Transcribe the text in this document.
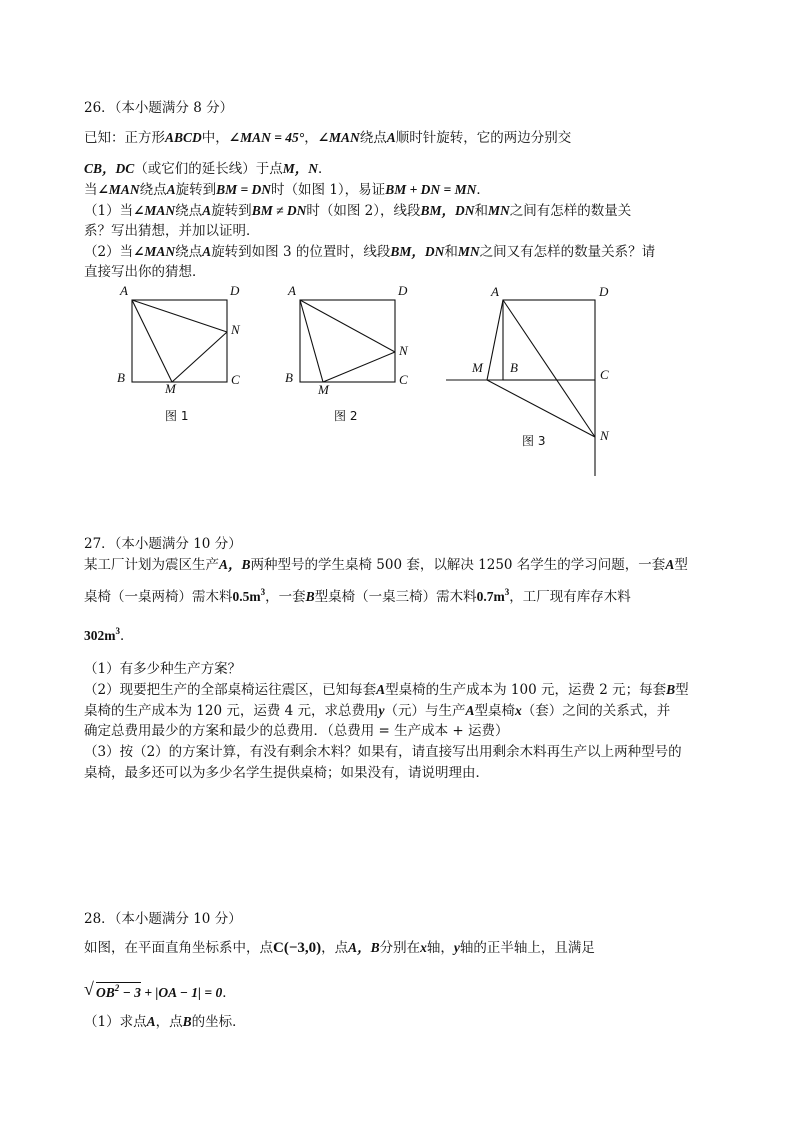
26．（本小题满分 8 分）
已知：正方形ABCD中，∠MAN = 45°，∠MAN绕点A顺时针旋转，它的两边分别交
CB，DC（或它们的延长线）于点M，N．
当∠MAN绕点A旋转到BM = DN时（如图 1），易证BM + DN = MN．
（1）当∠MAN绕点A旋转到BM ≠ DN时（如图 2），线段BM，DN和MN之间有怎样的数量关
系？写出猜想，并加以证明．
（2）当∠MAN绕点A旋转到如图 3 的位置时，线段BM，DN和MN之间又有怎样的数量关系？请
直接写出你的猜想．
A	D
B	C
M
N
A	D
B	C
M
N
A	D
B	C
M
N
图 1	图 2
图 3
27．（本小题满分 10 分）
某工厂计划为震区生产A，B两种型号的学生桌椅 500 套，以解决 1250 名学生的学习问题，一套A型
桌椅（一桌两椅）需木料$0.5m^3$，一套B型桌椅（一桌三椅）需木料$0.7m^3$，工厂现有库存木料
$302m^3$．
（1）有多少种生产方案？
（2）现要把生产的全部桌椅运往震区，已知每套A型桌椅的生产成本为 100 元，运费 2 元；每套B型
桌椅的生产成本为 120 元，运费 4 元，求总费用y（元）与生产A型桌椅x（套）之间的关系式，并
确定总费用最少的方案和最少的总费用．（总费用 = 生产成本 + 运费）
（3）按（2）的方案计算，有没有剩余木料？如果有，请直接写出用剩余木料再生产以上两种型号的
桌椅，最多还可以为多少名学生提供桌椅；如果没有，请说明理由．
28．（本小题满分 10 分）
如图，在平面直角坐标系中，点C(−3,0)，点A，B分别在x轴，y轴的正半轴上，且满足
√ $OB^2 - 3 + |OA - 1| = 0$．
（1）求点A，点B的坐标．
